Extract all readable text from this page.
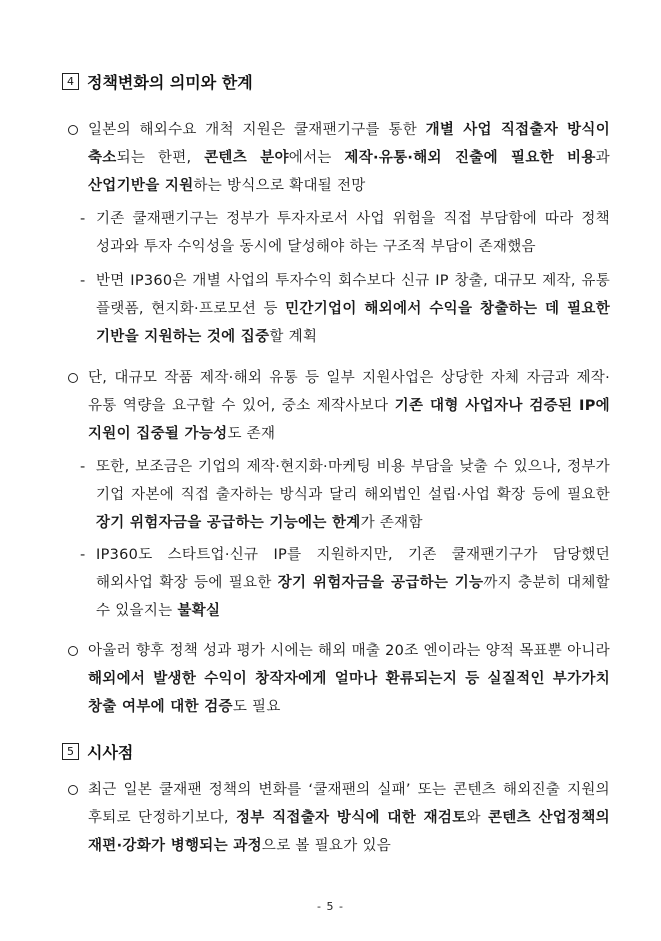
4 정책변화의 의미와 한계
일본의 해외수요 개척 지원은 쿨재팬기구를 통한 개별 사업 직접출자 방식이 축소되는 한편, 콘텐츠 분야에서는 제작·유통·해외 진출에 필요한 비용과 산업기반을 지원하는 방식으로 확대될 전망
- 기존 쿨재팬기구는 정부가 투자자로서 사업 위험을 직접 부담함에 따라 정책 성과와 투자 수익성을 동시에 달성해야 하는 구조적 부담이 존재했음
- 반면 IP360은 개별 사업의 투자수익 회수보다 신규 IP 창출, 대규모 제작, 유통 플랫폼, 현지화·프로모션 등 민간기업이 해외에서 수익을 창출하는 데 필요한 기반을 지원하는 것에 집중할 계획
단, 대규모 작품 제작·해외 유통 등 일부 지원사업은 상당한 자체 자금과 제작·유통 역량을 요구할 수 있어, 중소 제작사보다 기존 대형 사업자나 검증된 IP에 지원이 집중될 가능성도 존재
- 또한, 보조금은 기업의 제작·현지화·마케팅 비용 부담을 낮출 수 있으나, 정부가 기업 자본에 직접 출자하는 방식과 달리 해외법인 설립·사업 확장 등에 필요한 장기 위험자금을 공급하는 기능에는 한계가 존재함
- IP360도 스타트업·신규 IP를 지원하지만, 기존 쿨재팬기구가 담당했던 해외사업 확장 등에 필요한 장기 위험자금을 공급하는 기능까지 충분히 대체할 수 있을지는 불확실
아울러 향후 정책 성과 평가 시에는 해외 매출 20조 엔이라는 양적 목표뿐 아니라 해외에서 발생한 수익이 창작자에게 얼마나 환류되는지 등 실질적인 부가가치 창출 여부에 대한 검증도 필요
5 시사점
최근 일본 쿨재팬 정책의 변화를 ‘쿨재팬의 실패’ 또는 콘텐츠 해외진출 지원의 후퇴로 단정하기보다, 정부 직접출자 방식에 대한 재검토와 콘텐츠 산업정책의 재편·강화가 병행되는 과정으로 볼 필요가 있음
- 5 -
